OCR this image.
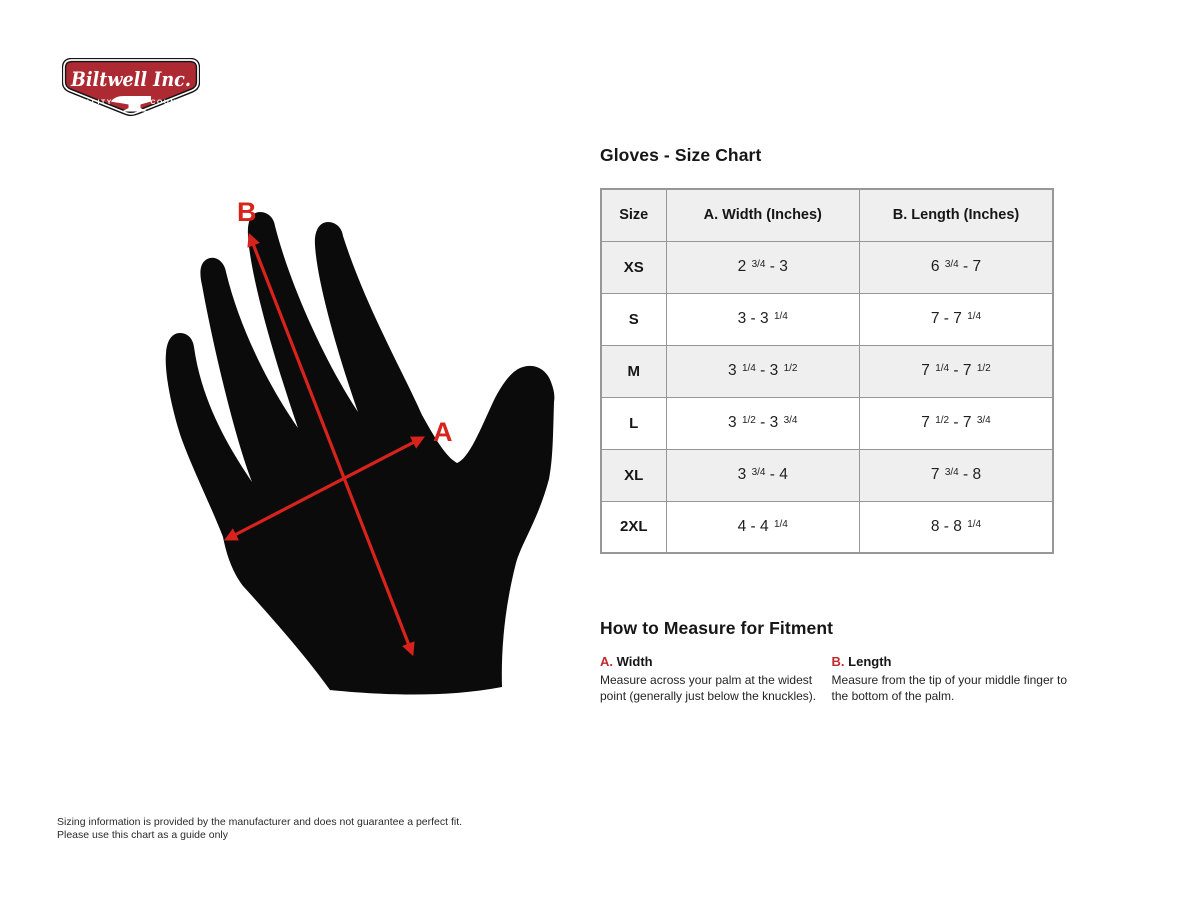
Biltwell Inc.
"QUALITY	COUNTS"
B
A
Gloves - Size Chart
Size	A. Width (Inches)	B. Length (Inches)
XS	2 $^{3/4}$ - 3	6 $^{3/4}$ - 7
S	3 - 3 $^{1/4}$	7 - 7 $^{1/4}$
M	3 $^{1/4}$ - 3 $^{1/2}$	7 $^{1/4}$ - 7 $^{1/2}$
L	3 $^{1/2}$ - 3 $^{3/4}$	7 $^{1/2}$ - 7 $^{3/4}$
XL	3 $^{3/4}$ - 4	7 $^{3/4}$ - 8
2XL	4 - 4 $^{1/4}$	8 - 8 $^{1/4}$
How to Measure for Fitment

A. Width

Measure across your palm at the widest point (generally just below the knuckles).

B. Length

Measure from the tip of your middle finger to the bottom of the palm.

Sizing information is provided by the manufacturer and does not guarantee a perfect fit.

Please use this chart as a guide only
